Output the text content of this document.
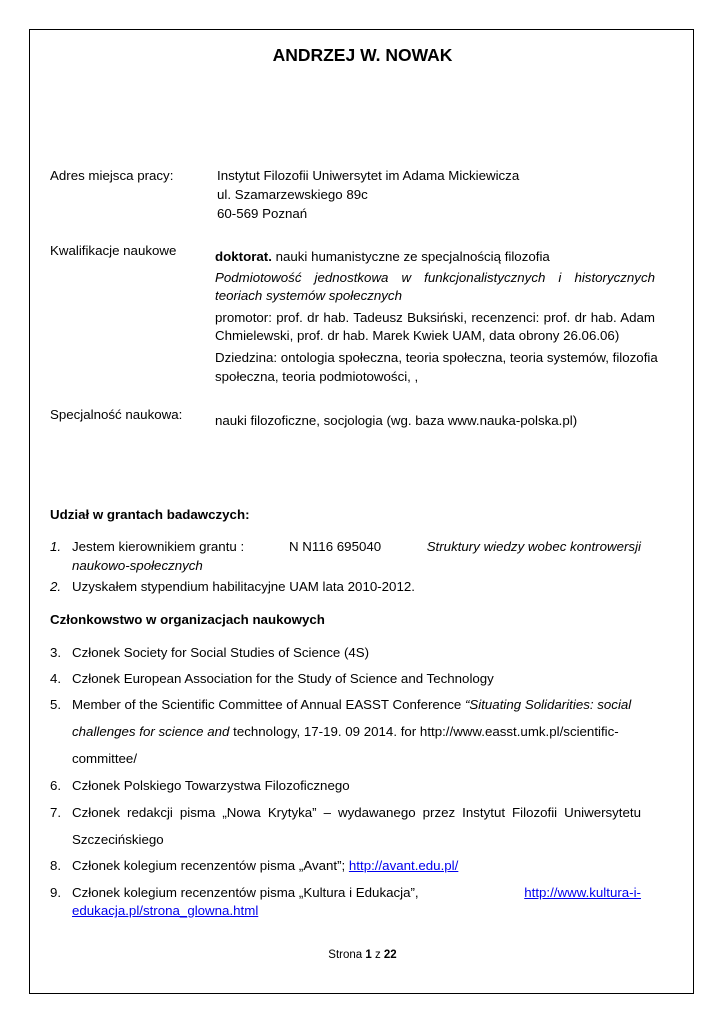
ANDRZEJ W. NOWAK
Adres miejsca pracy:	Instytut Filozofii Uniwersytet im Adama Mickiewicza
ul. Szamarzewskiego 89c
60-569 Poznań
Kwalifikacje naukowe	doktorat. nauki humanistyczne ze specjalnością filozofia
Podmiotowość jednostkowa w funkcjonalistycznych i historycznych
teoriach systemów społecznych
promotor: prof. dr hab. Tadeusz Buksiński, recenzenci: prof. dr hab. Adam
Chmielewski, prof. dr hab. Marek Kwiek UAM, data obrony 26.06.06)
Dziedzina: ontologia społeczna, teoria społeczna, teoria systemów, filozofia
społeczna, teoria podmiotowości, ,
Specjalność naukowa: nauki filozoficzne, socjologia (wg. baza www.nauka-polska.pl)
Udział w grantach badawczych:
1. Jestem kierownikiem grantu :	N N116 695040	Struktury wiedzy wobec kontrowersji
naukowo-społecznych
2. Uzyskałem stypendium habilitacyjne UAM lata 2010-2012.
Członkowstwo w organizacjach naukowych
3. Członek Society for Social Studies of Science (4S)
4. Członek European Association for the Study of Science and Technology
5. Member of the Scientific Committee of Annual EASST Conference “Situating Solidarities: social
challenges for science and technology, 17-19. 09 2014. for http://www.easst.umk.pl/scientific-
committee/
6. Członek Polskiego Towarzystwa Filozoficznego
7. Członek redakcji pisma „Nowa Krytyka” – wydawanego przez Instytut Filozofii Uniwersytetu
Szczecińskiego
8. Członek kolegium recenzentów pisma „Avant”; http://avant.edu.pl/
9. Członek kolegium recenzentów pisma „Kultura i Edukacja”,	http://www.kultura-i-
edukacja.pl/strona_glowna.html
Strona 1 z 22
